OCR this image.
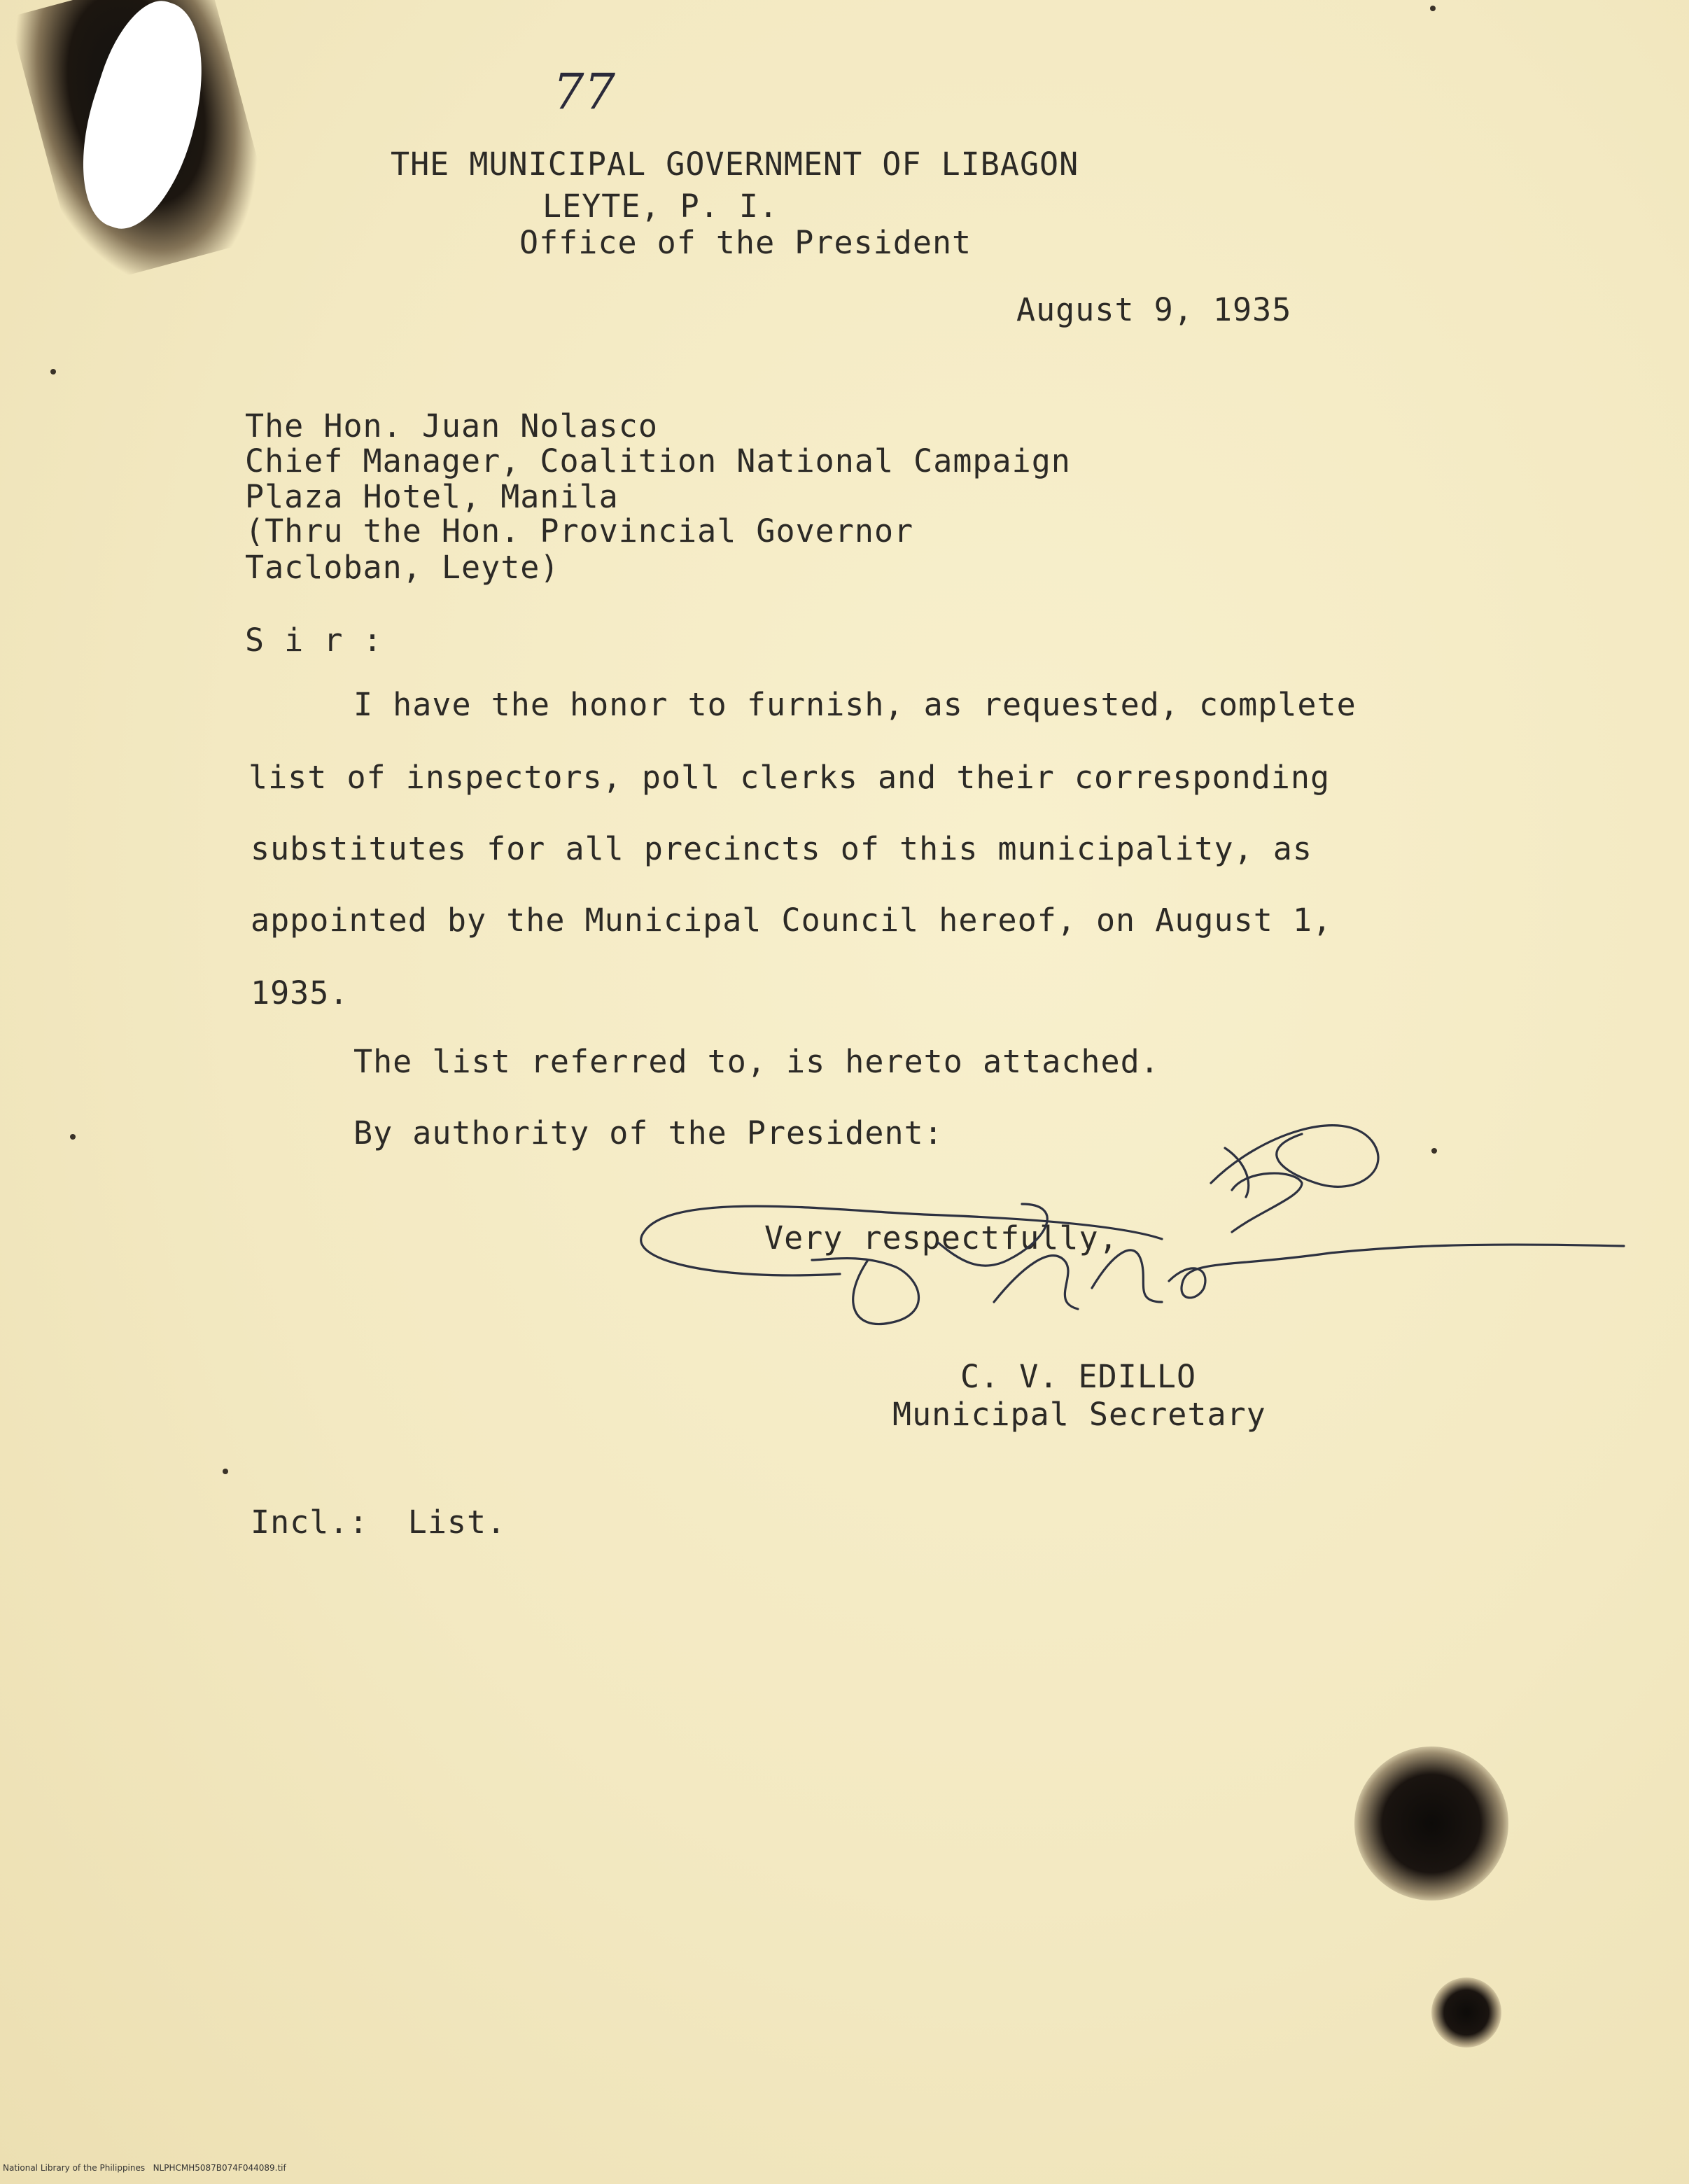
77
THE MUNICIPAL GOVERNMENT OF LIBAGON
LEYTE, P. I.
Office of the President
August 9, 1935
The Hon. Juan Nolasco
Chief Manager, Coalition National Campaign
Plaza Hotel, Manila
(Thru the Hon. Provincial Governor
Tacloban, Leyte)
S i r :
I have the honor to furnish, as requested, complete
list of inspectors, poll clerks and their corresponding
substitutes for all precincts of this municipality, as
appointed by the Municipal Council hereof, on August 1,
1935.
The list referred to, is hereto attached.
By authority of the President:
Very respectfully,
C. V. EDILLO
Municipal Secretary
Incl.:  List.
National Library of the Philippines   NLPHCMH5087B074F044089.tif
